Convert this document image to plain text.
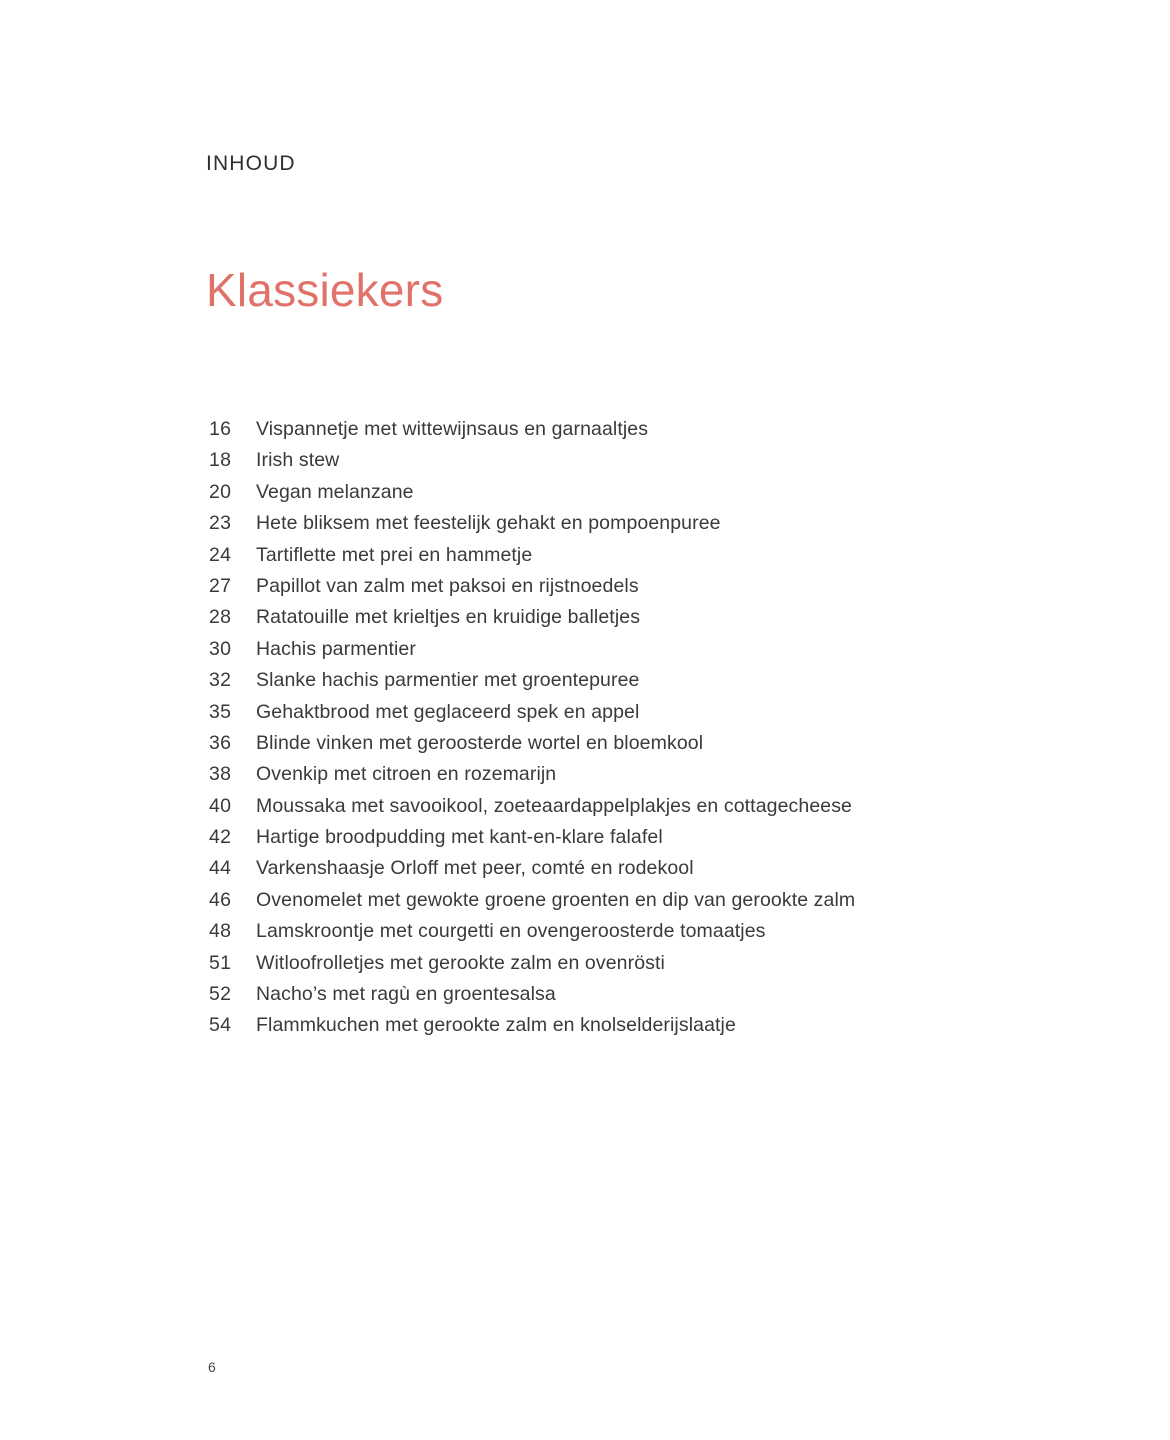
INHOUD
Klassiekers
16	Vispannetje met wittewijnsaus en garnaaltjes
18	Irish stew
20	Vegan melanzane
23	Hete bliksem met feestelijk gehakt en pompoenpuree
24	Tartiflette met prei en hammetje
27	Papillot van zalm met paksoi en rijstnoedels
28	Ratatouille met krieltjes en kruidige balletjes
30	Hachis parmentier
32	Slanke hachis parmentier met groentepuree
35	Gehaktbrood met geglaceerd spek en appel
36	Blinde vinken met geroosterde wortel en bloemkool
38	Ovenkip met citroen en rozemarijn
40	Moussaka met savooikool, zoeteaardappelplakjes en cottagecheese
42	Hartige broodpudding met kant-en-klare falafel
44	Varkenshaasje Orloff met peer, comté en rodekool
46	Ovenomelet met gewokte groene groenten en dip van gerookte zalm
48	Lamskroontje met courgetti en ovengeroosterde tomaatjes
51	Witloofrolletjes met gerookte zalm en ovenrösti
52	Nacho’s met ragù en groentesalsa
54	Flammkuchen met gerookte zalm en knolselderijslaatje
6
